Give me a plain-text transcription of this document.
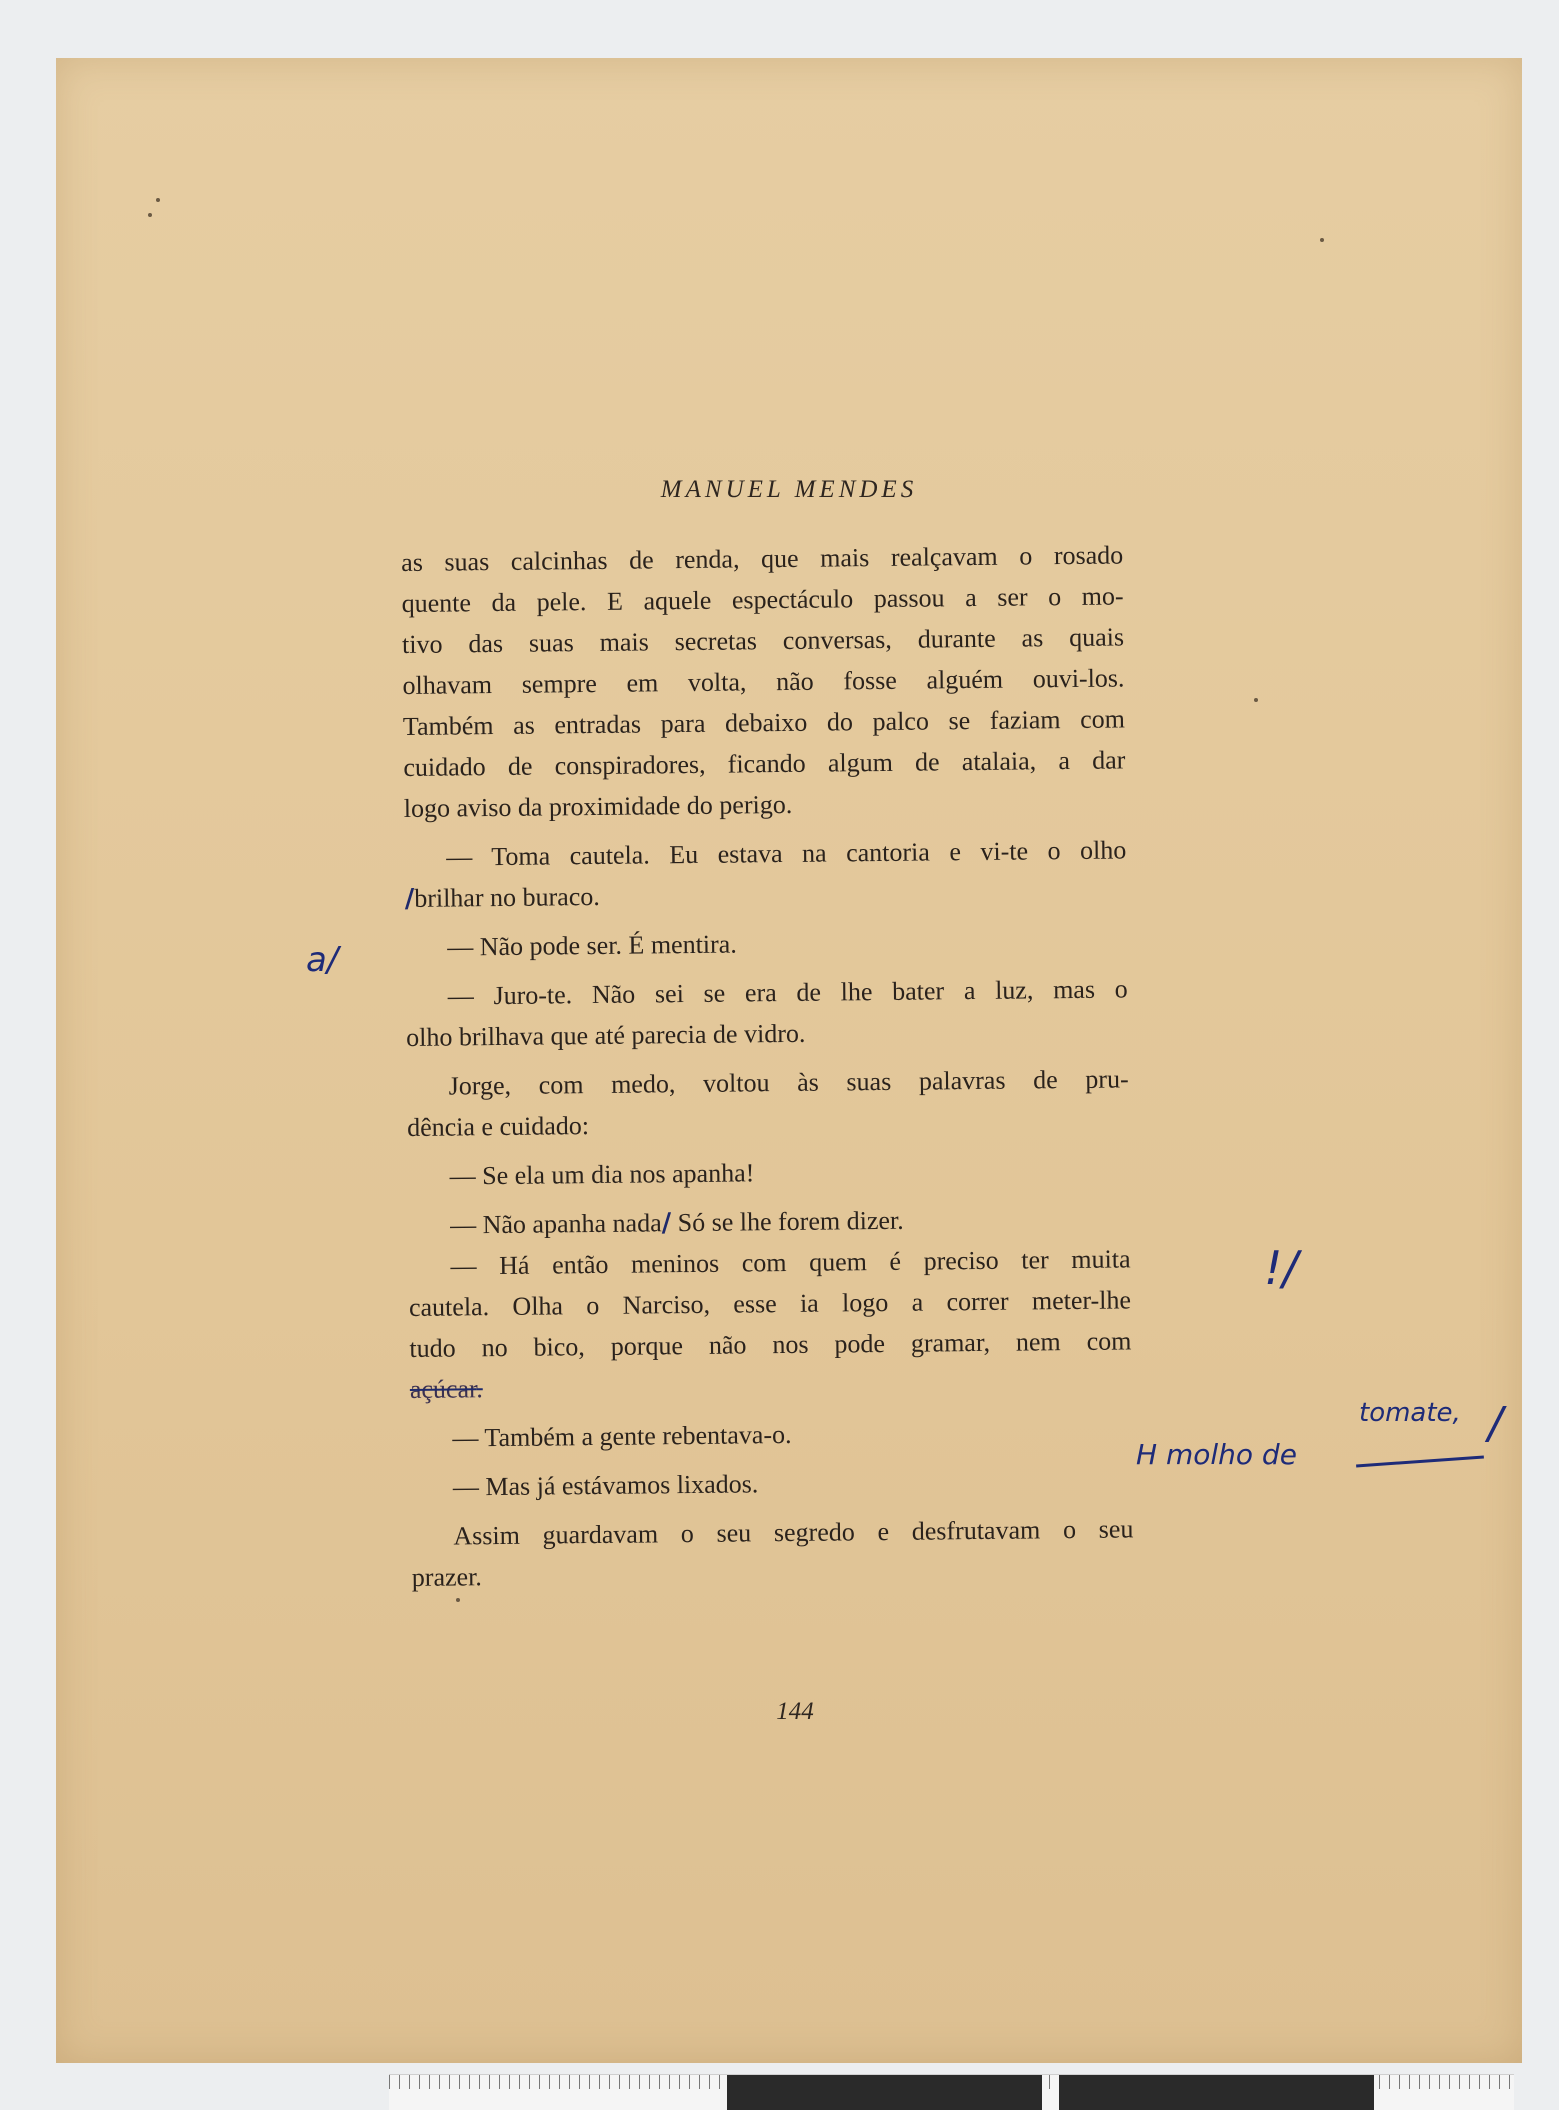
MANUEL MENDES
as suas calcinhas de renda, que mais realçavam o rosado
quente da pele. E aquele espectáculo passou a ser o mo-
tivo das suas mais secretas conversas, durante as quais
olhavam sempre em volta, não fosse alguém ouvi-los.
Também as entradas para debaixo do palco se faziam com
cuidado de conspiradores, ficando algum de atalaia, a dar
logo aviso da proximidade do perigo.
— Toma cautela. Eu estava na cantoria e vi-te o olho
/brilhar no buraco.
— Não pode ser. É mentira.
— Juro-te. Não sei se era de lhe bater a luz, mas o
olho brilhava que até parecia de vidro.
Jorge, com medo, voltou às suas palavras de pru-
dência e cuidado:
— Se ela um dia nos apanha!
— Não apanha nada/ Só se lhe forem dizer.
— Há então meninos com quem é preciso ter muita
cautela. Olha o Narciso, esse ia logo a correr meter-lhe
tudo no bico, porque não nos pode gramar, nem com
açúcar.
— Também a gente rebentava-o.
— Mas já estávamos lixados.
Assim guardavam o seu segredo e desfrutavam o seu
prazer.
144
a/
!/
tomate,
H molho de
/
